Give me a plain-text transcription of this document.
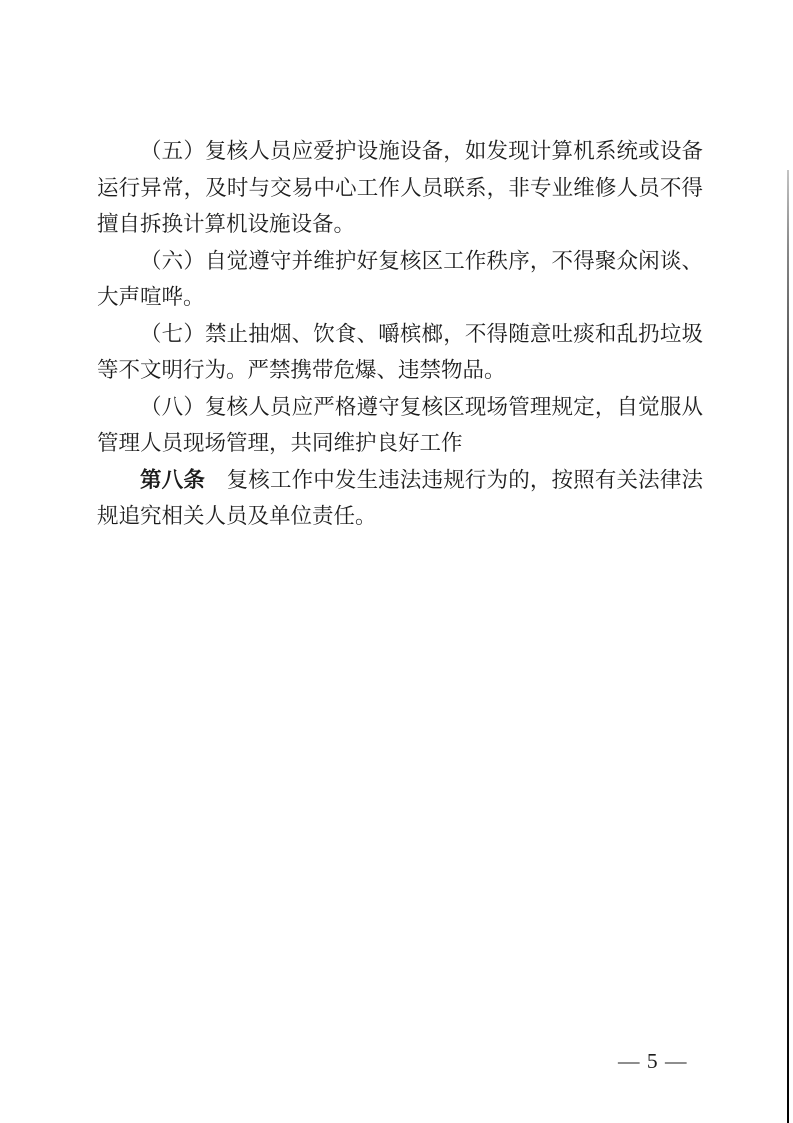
（五）复核人员应爱护设施设备，如发现计算机系统或设备运行异常，及时与交易中心工作人员联系，非专业维修人员不得擅自拆换计算机设施设备。

（六）自觉遵守并维护好复核区工作秩序，不得聚众闲谈、大声喧哗。

（七）禁止抽烟、饮食、嚼槟榔，不得随意吐痰和乱扔垃圾等不文明行为。严禁携带危爆、违禁物品。

（八）复核人员应严格遵守复核区现场管理规定，自觉服从管理人员现场管理，共同维护良好工作

第八条　复核工作中发生违法违规行为的，按照有关法律法规追究相关人员及单位责任。

— 5 —
